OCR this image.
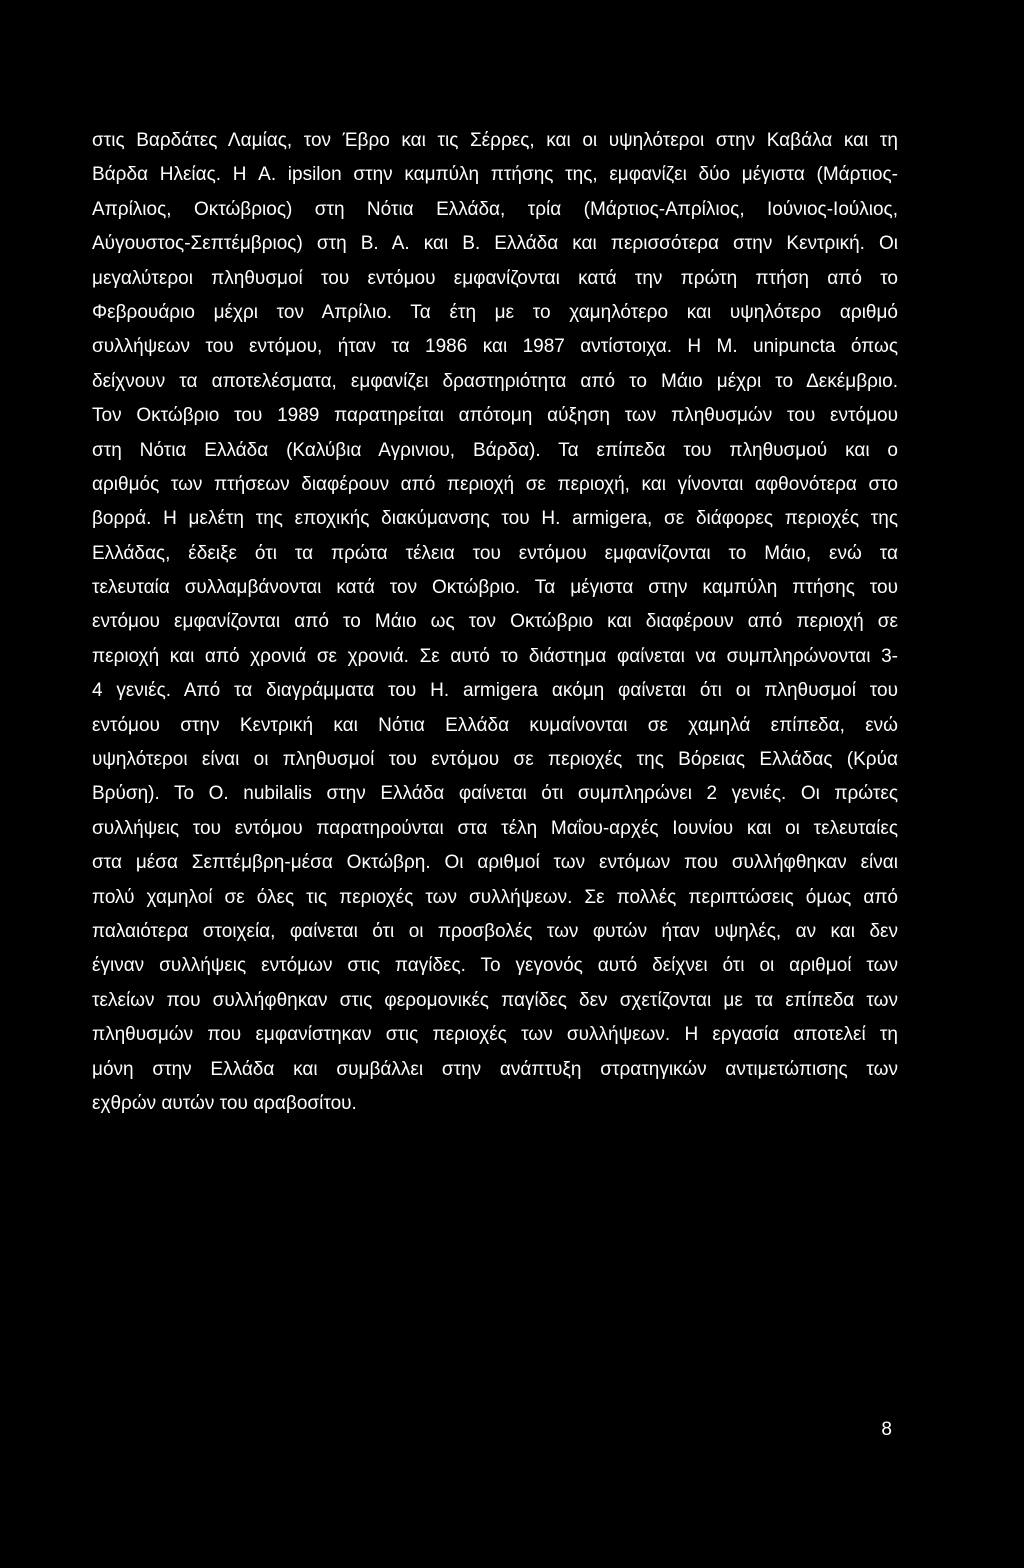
στις Βαρδάτες Λαμίας, τον Έβρο και τις Σέρρες, και οι υψηλότεροι στην Καβάλα και τη
Βάρδα Ηλείας. Η A. ipsilon στην καμπύλη πτήσης της, εμφανίζει δύο μέγιστα (Μάρτιος-
Απρίλιος, Οκτώβριος) στη Νότια Ελλάδα, τρία (Μάρτιος-Απρίλιος, Ιούνιος-Ιούλιος,
Αύγουστος-Σεπτέμβριος) στη Β. Α. και Β. Ελλάδα και περισσότερα στην Κεντρική. Οι
μεγαλύτεροι πληθυσμοί του εντόμου εμφανίζονται κατά την πρώτη πτήση από το
Φεβρουάριο μέχρι τον Απρίλιο. Τα έτη με το χαμηλότερο και υψηλότερο αριθμό
συλλήψεων του εντόμου, ήταν τα 1986 και 1987 αντίστοιχα. Η M. unipuncta όπως
δείχνουν τα αποτελέσματα, εμφανίζει δραστηριότητα από το Μάιο μέχρι το Δεκέμβριο.
Τον Οκτώβριο του 1989 παρατηρείται απότομη αύξηση των πληθυσμών του εντόμου
στη Νότια Ελλάδα (Καλύβια Αγρινιου, Βάρδα). Τα επίπεδα του πληθυσμού και ο
αριθμός των πτήσεων διαφέρουν από περιοχή σε περιοχή, και γίνονται αφθονότερα στο
βορρά. Η μελέτη της εποχικής διακύμανσης του H. armigera, σε διάφορες περιοχές της
Ελλάδας, έδειξε ότι τα πρώτα τέλεια του εντόμου εμφανίζονται το Μάιο, ενώ τα
τελευταία συλλαμβάνονται κατά τον Οκτώβριο. Τα μέγιστα στην καμπύλη πτήσης του
εντόμου εμφανίζονται από το Μάιο ως τον Οκτώβριο και διαφέρουν από περιοχή σε
περιοχή και από χρονιά σε χρονιά. Σε αυτό το διάστημα φαίνεται να συμπληρώνονται 3-
4 γενιές. Από τα διαγράμματα του H. armigera ακόμη φαίνεται ότι οι πληθυσμοί του
εντόμου στην Κεντρική και Νότια Ελλάδα κυμαίνονται σε χαμηλά επίπεδα, ενώ
υψηλότεροι είναι οι πληθυσμοί του εντόμου σε περιοχές της Βόρειας Ελλάδας (Κρύα
Βρύση). Το O. nubilalis στην Ελλάδα φαίνεται ότι συμπληρώνει 2 γενιές. Οι πρώτες
συλλήψεις του εντόμου παρατηρούνται στα τέλη Μαΐου-αρχές Ιουνίου και οι τελευταίες
στα μέσα Σεπτέμβρη-μέσα Οκτώβρη. Οι αριθμοί των εντόμων που συλλήφθηκαν είναι
πολύ χαμηλοί σε όλες τις περιοχές των συλλήψεων. Σε πολλές περιπτώσεις όμως από
παλαιότερα στοιχεία, φαίνεται ότι οι προσβολές των φυτών ήταν υψηλές, αν και δεν
έγιναν συλλήψεις εντόμων στις παγίδες. Το γεγονός αυτό δείχνει ότι οι αριθμοί των
τελείων που συλλήφθηκαν στις φερομονικές παγίδες δεν σχετίζονται με τα επίπεδα των
πληθυσμών που εμφανίστηκαν στις περιοχές των συλλήψεων. Η εργασία αποτελεί τη
μόνη στην Ελλάδα και συμβάλλει στην ανάπτυξη στρατηγικών αντιμετώπισης των
εχθρών αυτών του αραβοσίτου.
8
